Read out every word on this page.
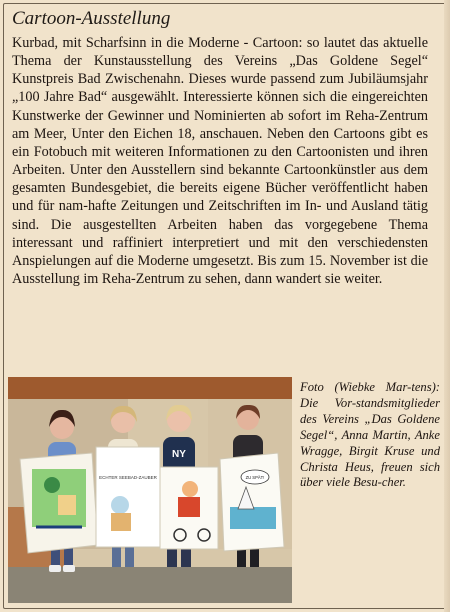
Cartoon-Ausstellung

Kurbad, mit Scharfsinn in die Moderne - Cartoon: so lautet das aktuelle Thema der Kunstausstellung des Vereins „Das Goldene Segel“ Kunstpreis Bad Zwischenahn. Dieses wurde passend zum Jubiläumsjahr „100 Jahre Bad“ ausgewählt. Interessierte können sich die eingereichten Kunstwerke der Gewinner und Nominierten ab sofort im Reha-Zentrum am Meer, Unter den Eichen 18, anschauen. Neben den Cartoons gibt es ein Fotobuch mit weiteren Informationen zu den Cartoonisten und ihren Arbeiten. Unter den Ausstellern sind bekannte Cartoonkünstler aus dem gesamten Bundesgebiet, die bereits eigene Bücher veröffentlicht haben und für nam-hafte Zeitungen und Zeitschriften im In- und Ausland tätig sind. Die ausgestellten Arbeiten haben das vorgegebene Thema interessant und raffiniert interpretiert und mit den verschiedensten Anspielungen auf die Moderne umgesetzt. Bis zum 15. November ist die Ausstellung im Reha-Zentrum zu sehen, dann wandert sie weiter.

NY
ECHTER SEEBAD-ZAUBER	ZU SPÄT!

Foto (Wiebke Mar-tens): Die Vor-standsmitglieder des Vereins „Das Goldene Segel“, Anna Martin, Anke Wragge, Birgit Kruse und Christa Heus, freuen sich über viele Besu-cher.
